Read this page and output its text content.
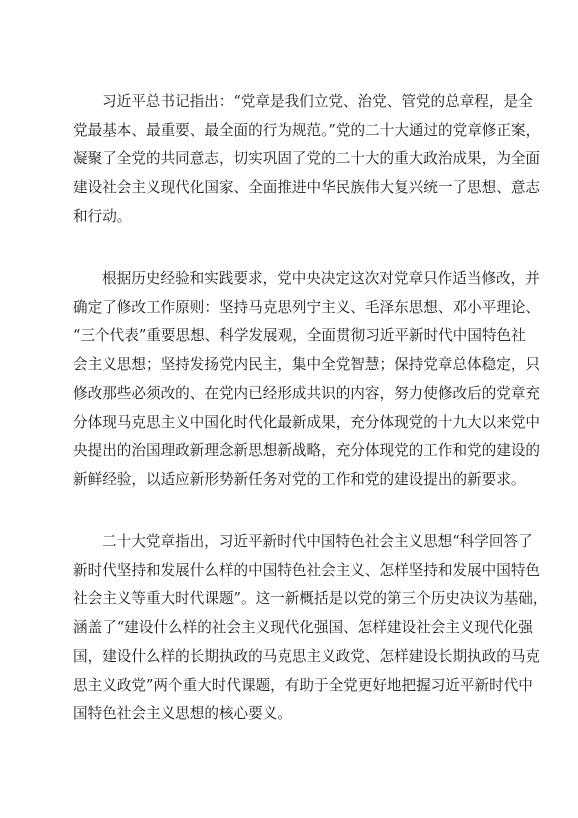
习近平总书记指出：“党章是我们立党、治党、管党的总章程，是全
党最基本、最重要、最全面的行为规范。”党的二十大通过的党章修正案，
凝聚了全党的共同意志，切实巩固了党的二十大的重大政治成果，为全面
建设社会主义现代化国家、全面推进中华民族伟大复兴统一了思想、意志
和行动。
根据历史经验和实践要求，党中央决定这次对党章只作适当修改，并
确定了修改工作原则：坚持马克思列宁主义、毛泽东思想、邓小平理论、
“三个代表”重要思想、科学发展观，全面贯彻习近平新时代中国特色社
会主义思想；坚持发扬党内民主，集中全党智慧；保持党章总体稳定，只
修改那些必须改的、在党内已经形成共识的内容，努力使修改后的党章充
分体现马克思主义中国化时代化最新成果，充分体现党的十九大以来党中
央提出的治国理政新理念新思想新战略，充分体现党的工作和党的建设的
新鲜经验，以适应新形势新任务对党的工作和党的建设提出的新要求。
二十大党章指出，习近平新时代中国特色社会主义思想“科学回答了
新时代坚持和发展什么样的中国特色社会主义、怎样坚持和发展中国特色
社会主义等重大时代课题”。这一新概括是以党的第三个历史决议为基础，
涵盖了“建设什么样的社会主义现代化强国、怎样建设社会主义现代化强
国，建设什么样的长期执政的马克思主义政党、怎样建设长期执政的马克
思主义政党”两个重大时代课题，有助于全党更好地把握习近平新时代中
国特色社会主义思想的核心要义。
